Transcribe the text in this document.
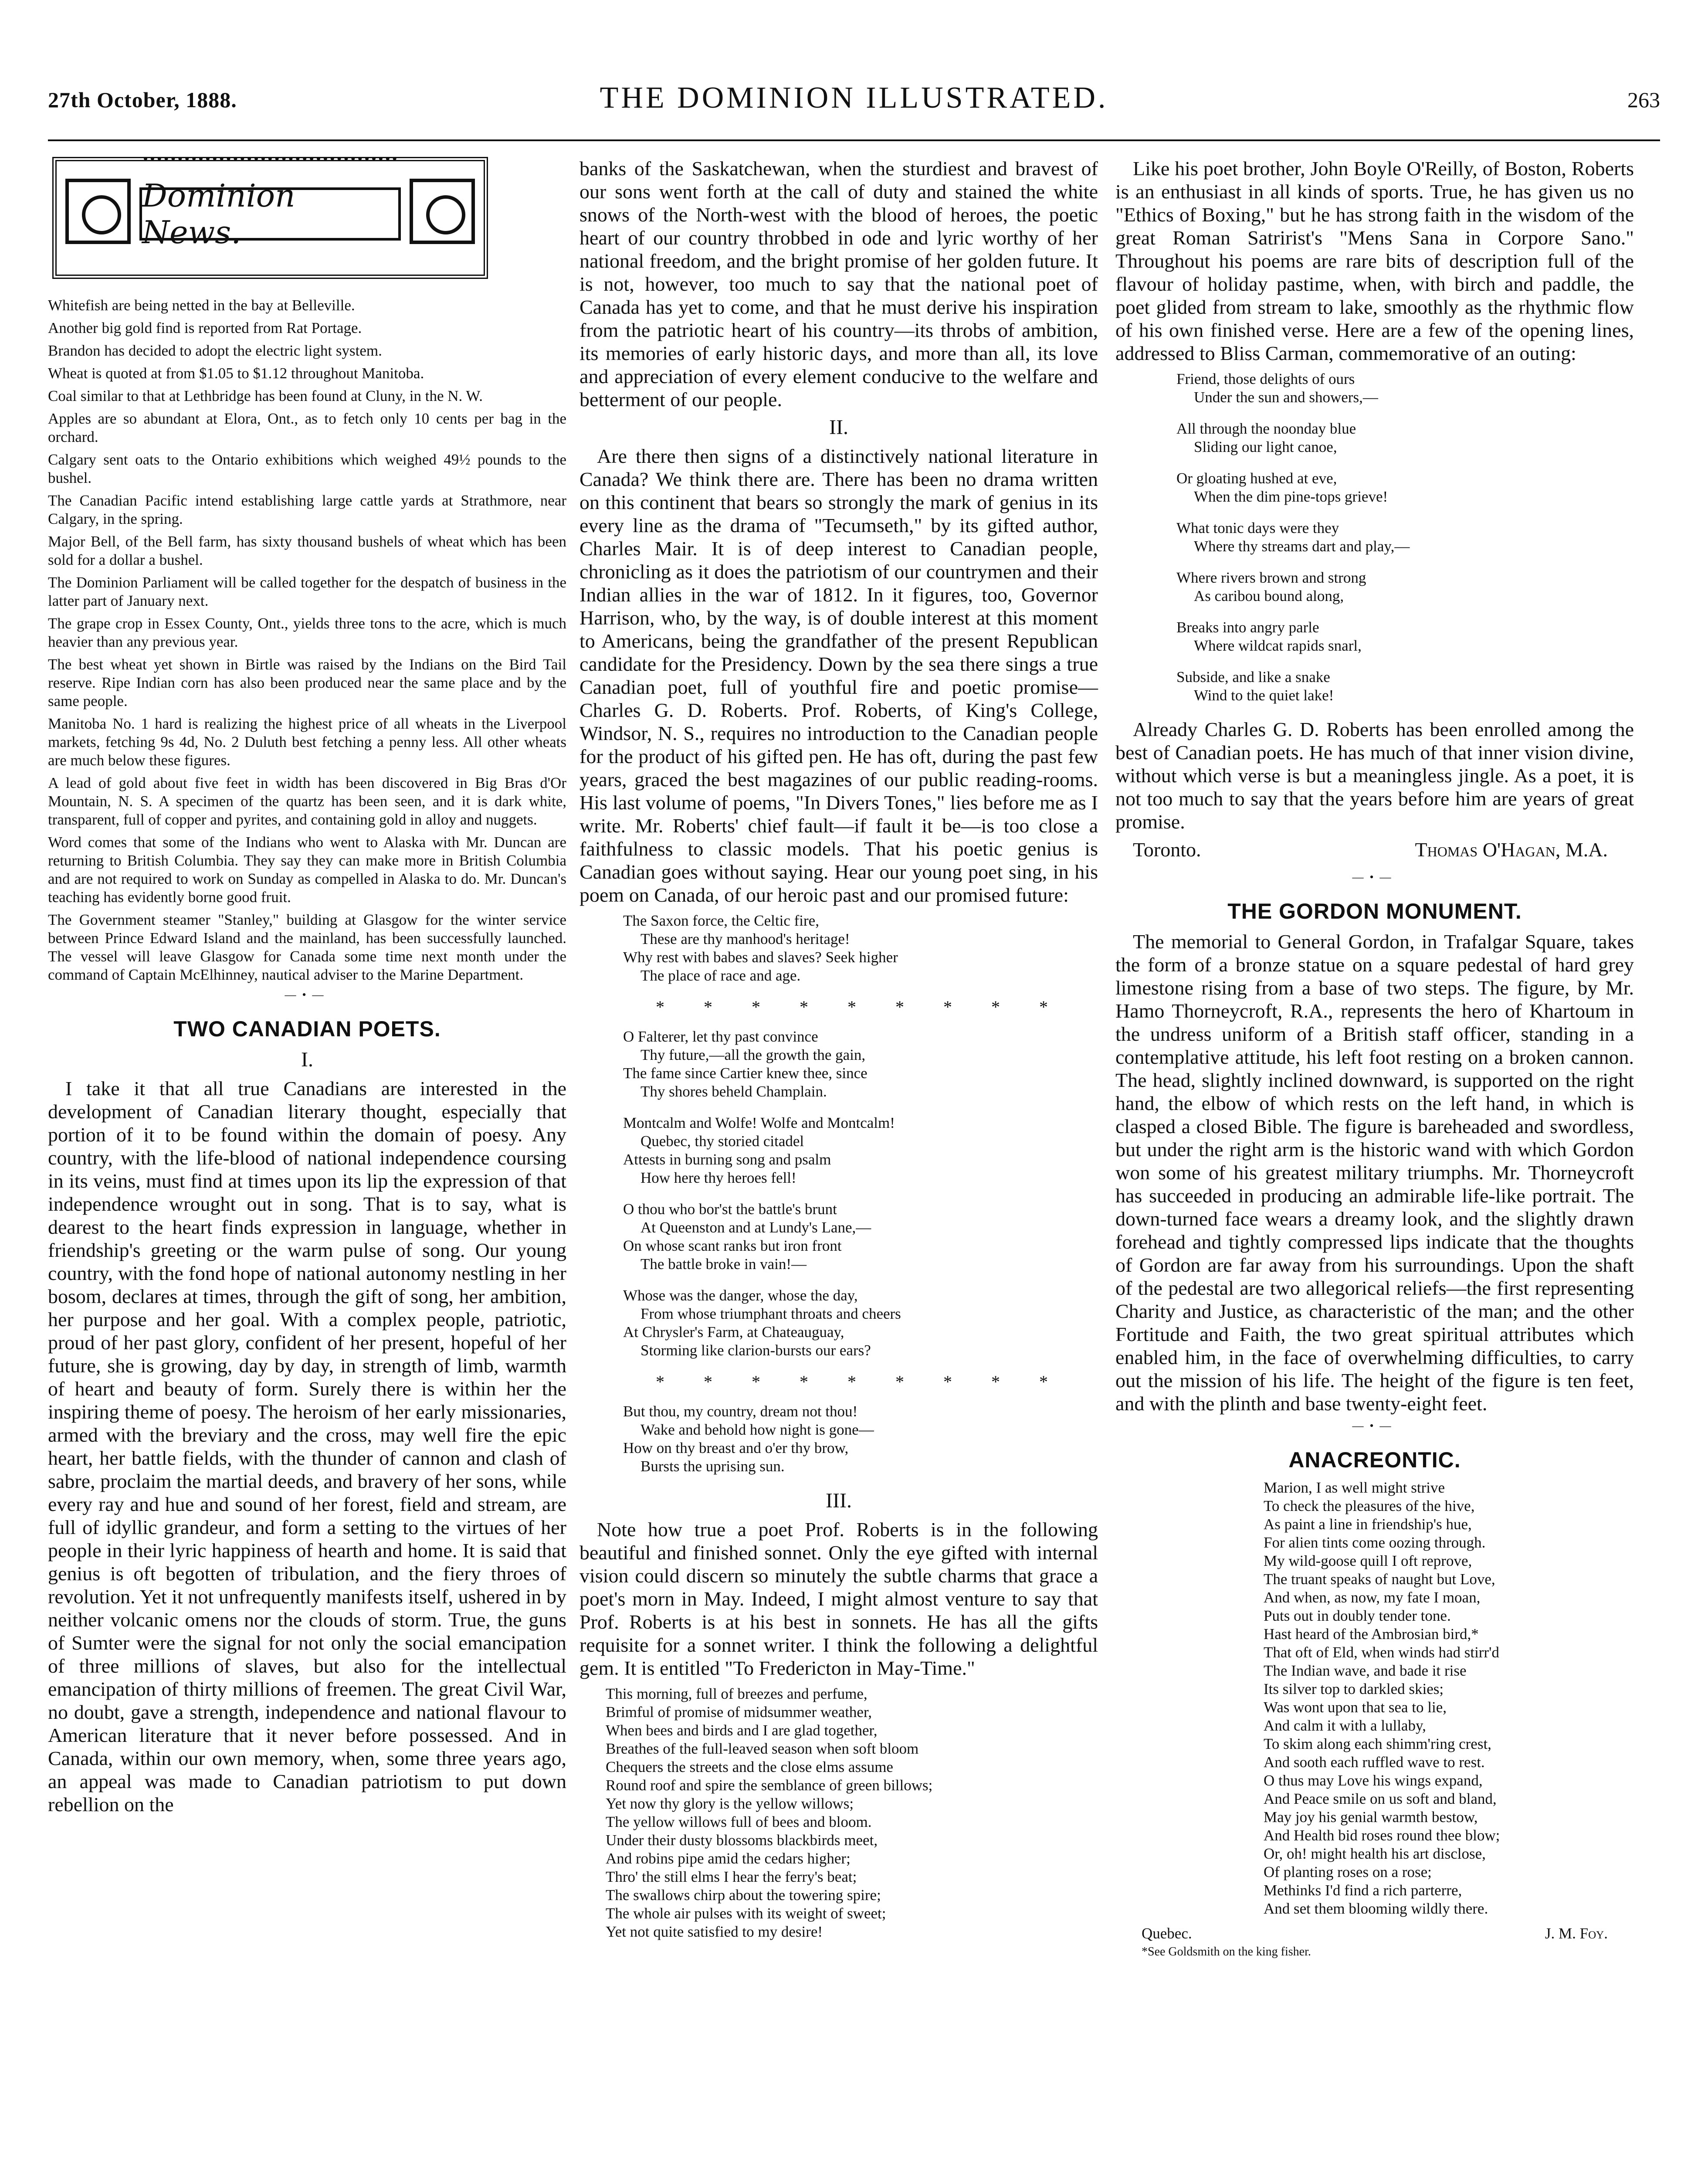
27th October, 1888.	THE DOMINION ILLUSTRATED.	263
Dominion News.

Whitefish are being netted in the bay at Belleville.

Another big gold find is reported from Rat Portage.

Brandon has decided to adopt the electric light system.

Wheat is quoted at from $1.05 to $1.12 throughout Manitoba.

Coal similar to that at Lethbridge has been found at Cluny, in the N. W.

Apples are so abundant at Elora, Ont., as to fetch only 10 cents per bag in the orchard.

Calgary sent oats to the Ontario exhibitions which weighed 49½ pounds to the bushel.

The Canadian Pacific intend establishing large cattle yards at Strathmore, near Calgary, in the spring.

Major Bell, of the Bell farm, has sixty thousand bushels of wheat which has been sold for a dollar a bushel.

The Dominion Parliament will be called together for the despatch of business in the latter part of January next.

The grape crop in Essex County, Ont., yields three tons to the acre, which is much heavier than any previous year.

The best wheat yet shown in Birtle was raised by the Indians on the Bird Tail reserve. Ripe Indian corn has also been produced near the same place and by the same people.

Manitoba No. 1 hard is realizing the highest price of all wheats in the Liverpool markets, fetching 9s 4d, No. 2 Duluth best fetching a penny less. All other wheats are much below these figures.

A lead of gold about five feet in width has been discovered in Big Bras d'Or Mountain, N. S. A specimen of the quartz has been seen, and it is dark white, transparent, full of copper and pyrites, and containing gold in alloy and nuggets.

Word comes that some of the Indians who went to Alaska with Mr. Duncan are returning to British Columbia. They say they can make more in British Columbia and are not required to work on Sunday as compelled in Alaska to do. Mr. Duncan's teaching has evidently borne good fruit.

The Government steamer "Stanley," building at Glasgow for the winter service between Prince Edward Island and the mainland, has been successfully launched. The vessel will leave Glasgow for Canada some time next month under the command of Captain McElhinney, nautical adviser to the Marine Department.

—•—
TWO CANADIAN POETS.
I.

I take it that all true Canadians are interested in the development of Canadian literary thought, especially that portion of it to be found within the domain of poesy. Any country, with the life-blood of national independence coursing in its veins, must find at times upon its lip the expression of that independence wrought out in song. That is to say, what is dearest to the heart finds expression in language, whether in friendship's greeting or the warm pulse of song. Our young country, with the fond hope of national autonomy nestling in her bosom, declares at times, through the gift of song, her ambition, her purpose and her goal. With a complex people, patriotic, proud of her past glory, confident of her present, hopeful of her future, she is growing, day by day, in strength of limb, warmth of heart and beauty of form. Surely there is within her the inspiring theme of poesy. The heroism of her early missionaries, armed with the breviary and the cross, may well fire the epic heart, her battle fields, with the thunder of cannon and clash of sabre, proclaim the martial deeds, and bravery of her sons, while every ray and hue and sound of her forest, field and stream, are full of idyllic grandeur, and form a setting to the virtues of her people in their lyric happiness of hearth and home. It is said that genius is oft begotten of tribulation, and the fiery throes of revolution. Yet it not unfrequently manifests itself, ushered in by neither volcanic omens nor the clouds of storm. True, the guns of Sumter were the signal for not only the social emancipation of three millions of slaves, but also for the intellectual emancipation of thirty millions of freemen. The great Civil War, no doubt, gave a strength, independence and national flavour to American literature that it never before possessed. And in Canada, within our own memory, when, some three years ago, an appeal was made to Canadian patriotism to put down rebellion on the

banks of the Saskatchewan, when the sturdiest and bravest of our sons went forth at the call of duty and stained the white snows of the North-west with the blood of heroes, the poetic heart of our country throbbed in ode and lyric worthy of her national freedom, and the bright promise of her golden future. It is not, however, too much to say that the national poet of Canada has yet to come, and that he must derive his inspiration from the patriotic heart of his country—its throbs of ambition, its memories of early historic days, and more than all, its love and appreciation of every element conducive to the welfare and betterment of our people.

II.

Are there then signs of a distinctively national literature in Canada? We think there are. There has been no drama written on this continent that bears so strongly the mark of genius in its every line as the drama of "Tecumseth," by its gifted author, Charles Mair. It is of deep interest to Canadian people, chronicling as it does the patriotism of our countrymen and their Indian allies in the war of 1812. In it figures, too, Governor Harrison, who, by the way, is of double interest at this moment to Americans, being the grandfather of the present Republican candidate for the Presidency. Down by the sea there sings a true Canadian poet, full of youthful fire and poetic promise—Charles G. D. Roberts. Prof. Roberts, of King's College, Windsor, N. S., requires no introduction to the Canadian people for the product of his gifted pen. He has oft, during the past few years, graced the best magazines of our public reading-rooms. His last volume of poems, "In Divers Tones," lies before me as I write. Mr. Roberts' chief fault—if fault it be—is too close a faithfulness to classic models. That his poetic genius is Canadian goes without saying. Hear our young poet sing, in his poem on Canada, of our heroic past and our promised future:

The Saxon force, the Celtic fire,
These are thy manhood's heritage!
Why rest with babes and slaves? Seek higher
The place of race and age.
* * * * * * * * *
O Falterer, let thy past convince
Thy future,—all the growth the gain,
The fame since Cartier knew thee, since
Thy shores beheld Champlain.
Montcalm and Wolfe! Wolfe and Montcalm!
Quebec, thy storied citadel
Attests in burning song and psalm
How here thy heroes fell!
O thou who bor'st the battle's brunt
At Queenston and at Lundy's Lane,—
On whose scant ranks but iron front
The battle broke in vain!—
Whose was the danger, whose the day,
From whose triumphant throats and cheers
At Chrysler's Farm, at Chateauguay,
Storming like clarion-bursts our ears?
* * * * * * * * *
But thou, my country, dream not thou!
Wake and behold how night is gone—
How on thy breast and o'er thy brow,
Bursts the uprising sun.
III.

Note how true a poet Prof. Roberts is in the following beautiful and finished sonnet. Only the eye gifted with internal vision could discern so minutely the subtle charms that grace a poet's morn in May. Indeed, I might almost venture to say that Prof. Roberts is at his best in sonnets. He has all the gifts requisite for a sonnet writer. I think the following a delightful gem. It is entitled "To Fredericton in May-Time."

This morning, full of breezes and perfume,
Brimful of promise of midsummer weather,
When bees and birds and I are glad together,
Breathes of the full-leaved season when soft bloom
Chequers the streets and the close elms assume
Round roof and spire the semblance of green billows;
Yet now thy glory is the yellow willows;
The yellow willows full of bees and bloom.
Under their dusty blossoms blackbirds meet,
And robins pipe amid the cedars higher;
Thro' the still elms I hear the ferry's beat;
The swallows chirp about the towering spire;
The whole air pulses with its weight of sweet;
Yet not quite satisfied to my desire!

Like his poet brother, John Boyle O'Reilly, of Boston, Roberts is an enthusiast in all kinds of sports. True, he has given us no "Ethics of Boxing," but he has strong faith in the wisdom of the great Roman Satririst's "Mens Sana in Corpore Sano." Throughout his poems are rare bits of description full of the flavour of holiday pastime, when, with birch and paddle, the poet glided from stream to lake, smoothly as the rhythmic flow of his own finished verse. Here are a few of the opening lines, addressed to Bliss Carman, commemorative of an outing:

Friend, those delights of ours
Under the sun and showers,—
All through the noonday blue
Sliding our light canoe,
Or gloating hushed at eve,
When the dim pine-tops grieve!
What tonic days were they
Where thy streams dart and play,—
Where rivers brown and strong
As caribou bound along,
Breaks into angry parle
Where wildcat rapids snarl,
Subside, and like a snake
Wind to the quiet lake!

Already Charles G. D. Roberts has been enrolled among the best of Canadian poets. He has much of that inner vision divine, without which verse is but a meaningless jingle. As a poet, it is not too much to say that the years before him are years of great promise.

Toronto.	Thomas O'Hagan, M.A.
—•—
THE GORDON MONUMENT.

The memorial to General Gordon, in Trafalgar Square, takes the form of a bronze statue on a square pedestal of hard grey limestone rising from a base of two steps. The figure, by Mr. Hamo Thorneycroft, R.A., represents the hero of Khartoum in the undress uniform of a British staff officer, standing in a contemplative attitude, his left foot resting on a broken cannon. The head, slightly inclined downward, is supported on the right hand, the elbow of which rests on the left hand, in which is clasped a closed Bible. The figure is bareheaded and swordless, but under the right arm is the historic wand with which Gordon won some of his greatest military triumphs. Mr. Thorneycroft has succeeded in producing an admirable life-like portrait. The down-turned face wears a dreamy look, and the slightly drawn forehead and tightly compressed lips indicate that the thoughts of Gordon are far away from his surroundings. Upon the shaft of the pedestal are two allegorical reliefs—the first representing Charity and Justice, as characteristic of the man; and the other Fortitude and Faith, the two great spiritual attributes which enabled him, in the face of overwhelming difficulties, to carry out the mission of his life. The height of the figure is ten feet, and with the plinth and base twenty-eight feet.

—•—
ANACREONTIC.
Marion, I as well might strive
To check the pleasures of the hive,
As paint a line in friendship's hue,
For alien tints come oozing through.
My wild-goose quill I oft reprove,
The truant speaks of naught but Love,
And when, as now, my fate I moan,
Puts out in doubly tender tone.
Hast heard of the Ambrosian bird,*
That oft of Eld, when winds had stirr'd
The Indian wave, and bade it rise
Its silver top to darkled skies;
Was wont upon that sea to lie,
And calm it with a lullaby,
To skim along each shimm'ring crest,
And sooth each ruffled wave to rest.
O thus may Love his wings expand,
And Peace smile on us soft and bland,
May joy his genial warmth bestow,
And Health bid roses round thee blow;
Or, oh! might health his art disclose,
Of planting roses on a rose;
Methinks I'd find a rich parterre,
And set them blooming wildly there.
Quebec.	J. M. Foy.
*See Goldsmith on the king fisher.
